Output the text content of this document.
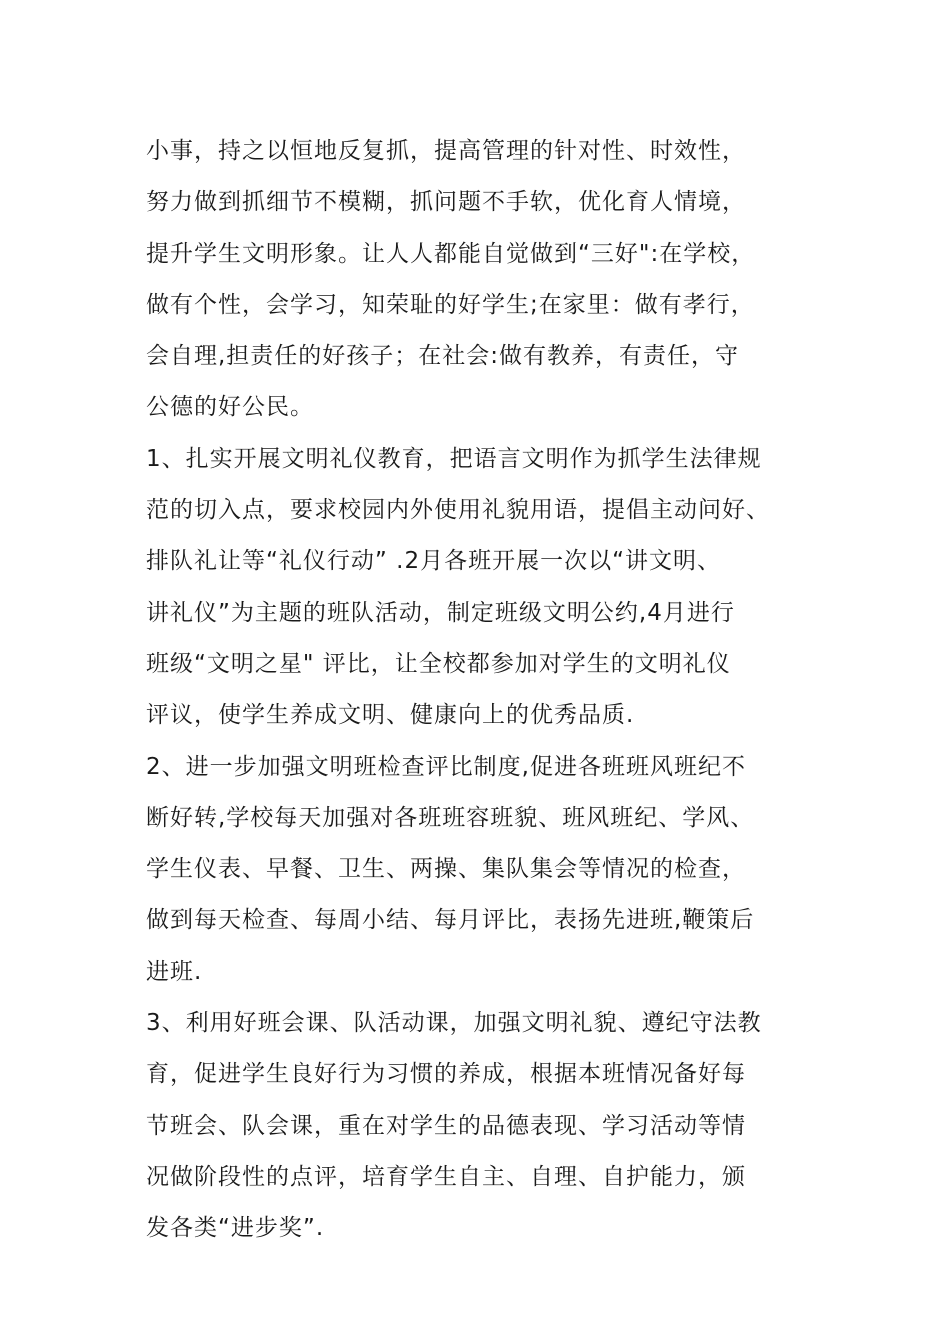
小事，持之以恒地反复抓，提高管理的针对性、时效性，
努力做到抓细节不模糊，抓问题不手软，优化育人情境，
提升学生文明形象。让人人都能自觉做到“三好":在学校，
做有个性，会学习，知荣耻的好学生;在家里：做有孝行，
会自理,担责任的好孩子；在社会:做有教养，有责任，守
公德的好公民。
1、扎实开展文明礼仪教育，把语言文明作为抓学生法律规
范的切入点，要求校园内外使用礼貌用语，提倡主动问好、
排队礼让等“礼仪行动” .2月各班开展一次以“讲文明、
讲礼仪”为主题的班队活动，制定班级文明公约,4月进行
班级“文明之星" 评比，让全校都参加对学生的文明礼仪
评议，使学生养成文明、健康向上的优秀品质.
2、进一步加强文明班检查评比制度,促进各班班风班纪不
断好转,学校每天加强对各班班容班貌、班风班纪、学风、
学生仪表、早餐、卫生、两操、集队集会等情况的检查，
做到每天检查、每周小结、每月评比，表扬先进班,鞭策后
进班.
3、利用好班会课、队活动课，加强文明礼貌、遵纪守法教
育，促进学生良好行为习惯的养成，根据本班情况备好每
节班会、队会课，重在对学生的品德表现、学习活动等情
况做阶段性的点评，培育学生自主、自理、自护能力，颁
发各类“进步奖”.
